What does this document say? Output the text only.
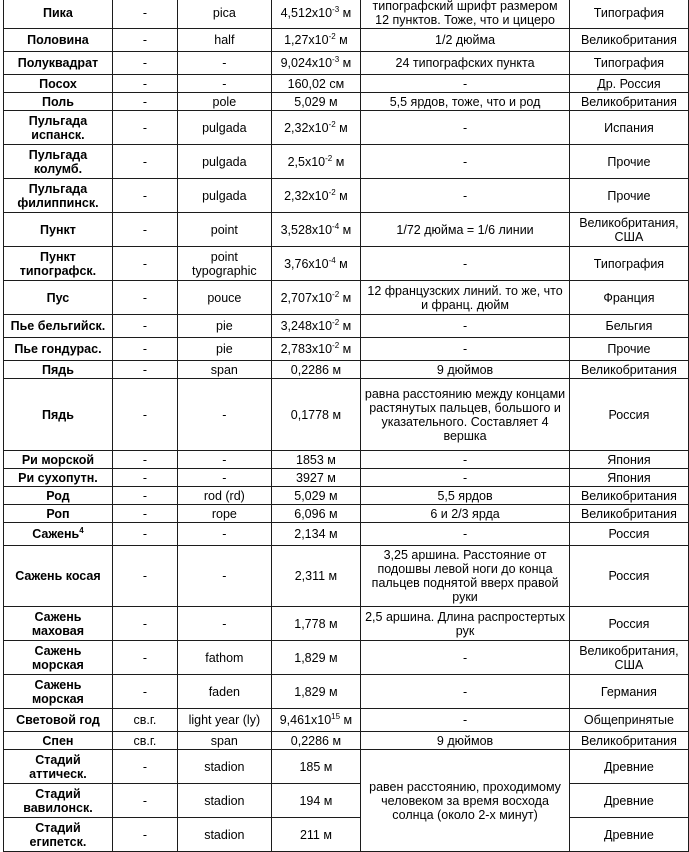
Пика	-	pica	$4,512х10^{-3}$ м	типографский шрифт размером 12 пунктов. Тоже, что и цицеро	Типография
Половина	-	half	$1,27х10^{-2}$ м	1/2 дюйма	Великобритания
Полуквадрат	-	-	$9,024х10^{-3}$ м	24 типографских пункта	Типография
Посох	-	-	160,02 см	-	Др. Россия
Поль	-	pole	5,029 м	5,5 ярдов, тоже, что и род	Великобритания
Пульгада испанск.	-	pulgada	$2,32х10^{-2}$ м	-	Испания
Пульгада колумб.	-	pulgada	$2,5х10^{-2}$ м	-	Прочие
Пульгада филиппинск.	-	pulgada	$2,32х10^{-2}$ м	-	Прочие
Пункт	-	point	$3,528х10^{-4}$ м	1/72 дюйма = 1/6 линии	Великобритания, США
Пункт типографск.	-	point typographic	$3,76х10^{-4}$ м	-	Типография
Пус	-	pouce	$2,707х10^{-2}$ м	12 французских линий. то же, что и франц. дюйм	Франция
Пье бельгийск.	-	pie	$3,248х10^{-2}$ м	-	Бельгия
Пье гондурас.	-	pie	$2,783х10^{-2}$ м	-	Прочие
Пядь	-	span	0,2286 м	9 дюймов	Великобритания
Пядь	-	-	0,1778 м	равна расстоянию между концами растянутых пальцев, большого и указательного. Составляет 4 вершка	Россия
Ри морской	-	-	1853 м	-	Япония
Ри сухопутн.	-	-	3927 м	-	Япония
Род	-	rod (rd)	5,029 м	5,5 ярдов	Великобритания
Роп	-	rope	6,096 м	6 и 2/3 ярда	Великобритания
Сажень$^4$	-	-	2,134 м	-	Россия
Сажень косая	-	-	2,311 м	3,25 аршина. Расстояние от подошвы левой ноги до конца пальцев поднятой вверх правой руки	Россия
Сажень маховая	-	-	1,778 м	2,5 аршина. Длина распростертых рук	Россия
Сажень морская	-	fathom	1,829 м	-	Великобритания, США
Сажень морская	-	faden	1,829 м	-	Германия
Световой год	св.г.	light year (ly)	$9,461х10^{15}$ м	-	Общепринятые
Спен	св.г.	span	0,2286 м	9 дюймов	Великобритания
Стадий аттическ.	-	stadion	185 м	равен расстоянию, проходимому человеком за время восхода солнца (около 2-х минут)	Древние
Стадий вавилонск.	-	stadion	194 м		Древние
Стадий египетск.	-	stadion	211 м		Древние
